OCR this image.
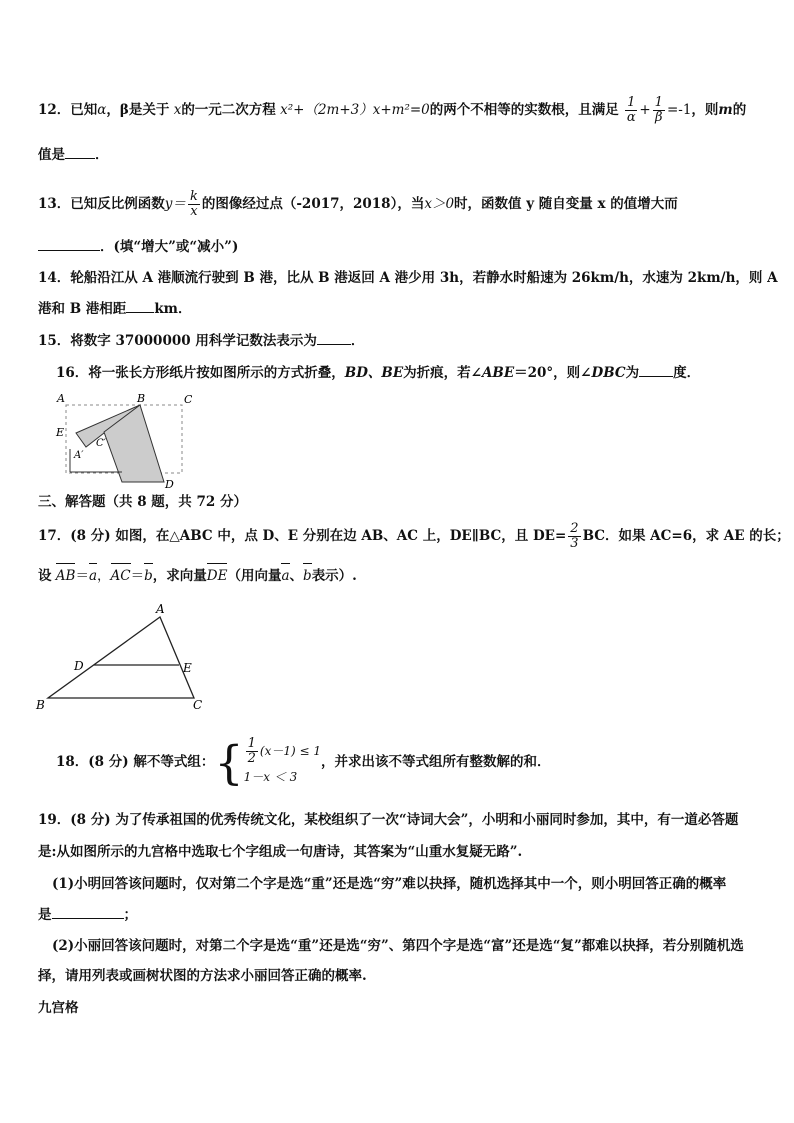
12．已知α，β是关于 x的一元二次方程 x²+（2m+3）x+m²=0的两个不相等的实数根，且满足 $\frac{1}{\alpha} + \frac{1}{\beta} =-1$，则m的
值是 ．
13．已知反比例函数$y= \frac{k}{x}$ 的图像经过点（-2017，2018），当x＞0时，函数值 y 随自变量 x 的值增大而
．(填“增大”或“减小”)
14．轮船沿江从 A 港顺流行驶到 B 港，比从 B 港返回 A 港少用 3h，若静水时船速为 26km/h，水速为 2km/h，则 A
港和 B 港相距 km．
15．将数字 37000000 用科学记数法表示为	．
16．将一张长方形纸片按如图所示的方式折叠，BD、BE为折痕，若∠ABE＝20°，则∠DBC为	度．
A	B	C
E
A′
C′
D
三、解答题（共 8 题，共 72 分）
17．(8 分) 如图，在△ABC 中，点 D、E 分别在边 AB、AC 上，DE∥BC，且 $DE= \frac{2}{3}$ BC．如果 AC=6，求 AE 的长；
设 AB＝a，AC＝b，求向量DE（用向量a、b表示）.
A
B	C
D	E
18．(8 分) 解不等式组：{ $\frac{1}{2} (x-1) \le 1$
1－x ＜ 3
，并求出该不等式组所有整数解的和．
19．(8 分) 为了传承祖国的优秀传统文化，某校组织了一次“诗词大会”，小明和小丽同时参加，其中，有一道必答题
是:从如图所示的九宫格中选取七个字组成一句唐诗，其答案为“山重水复疑无路”.
(1)小明回答该问题时，仅对第二个字是选“重”还是选“穷”难以抉择，随机选择其中一个，则小明回答正确的概率
是	；
(2)小丽回答该问题时，对第二个字是选“重”还是选“穷”、第四个字是选“富”还是选“复”都难以抉择，若分别随机选
择，请用列表或画树状图的方法求小丽回答正确的概率.
九宫格
